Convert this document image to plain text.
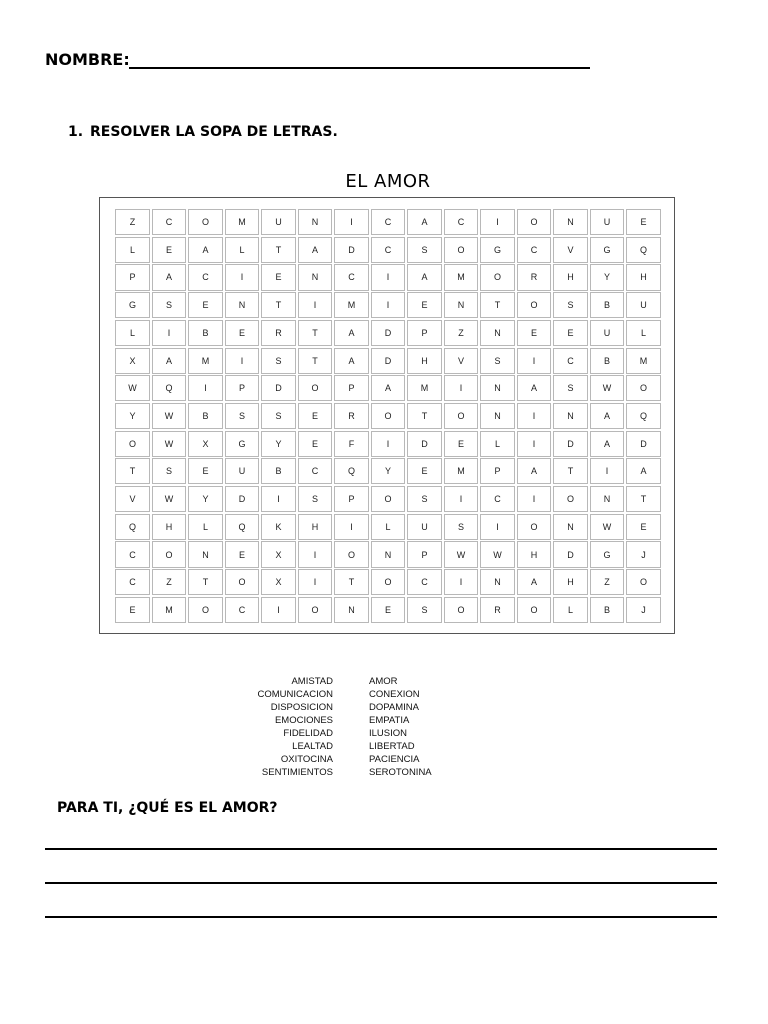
NOMBRE:
1. RESOLVER LA SOPA DE LETRAS.
EL AMOR
Z	C	O	M	U	N	I	C	A	C	I	O	N	U	E
L	E	A	L	T	A	D	C	S	O	G	C	V	G	Q
P	A	C	I	E	N	C	I	A	M	O	R	H	Y	H
G	S	E	N	T	I	M	I	E	N	T	O	S	B	U
L	I	B	E	R	T	A	D	P	Z	N	E	E	U	L
X	A	M	I	S	T	A	D	H	V	S	I	C	B	M
W	Q	I	P	D	O	P	A	M	I	N	A	S	W	O
Y	W	B	S	S	E	R	O	T	O	N	I	N	A	Q
O	W	X	G	Y	E	F	I	D	E	L	I	D	A	D
T	S	E	U	B	C	Q	Y	E	M	P	A	T	I	A
V	W	Y	D	I	S	P	O	S	I	C	I	O	N	T
Q	H	L	Q	K	H	I	L	U	S	I	O	N	W	E
C	O	N	E	X	I	O	N	P	W	W	H	D	G	J
C	Z	T	O	X	I	T	O	C	I	N	A	H	Z	O
E	M	O	C	I	O	N	E	S	O	R	O	L	B	J
AMISTAD
COMUNICACION
DISPOSICION
EMOCIONES
FIDELIDAD
LEALTAD
OXITOCINA
SENTIMIENTOS
AMOR
CONEXION
DOPAMINA
EMPATIA
ILUSION
LIBERTAD
PACIENCIA
SEROTONINA
PARA TI, ¿QUÉ ES EL AMOR?
